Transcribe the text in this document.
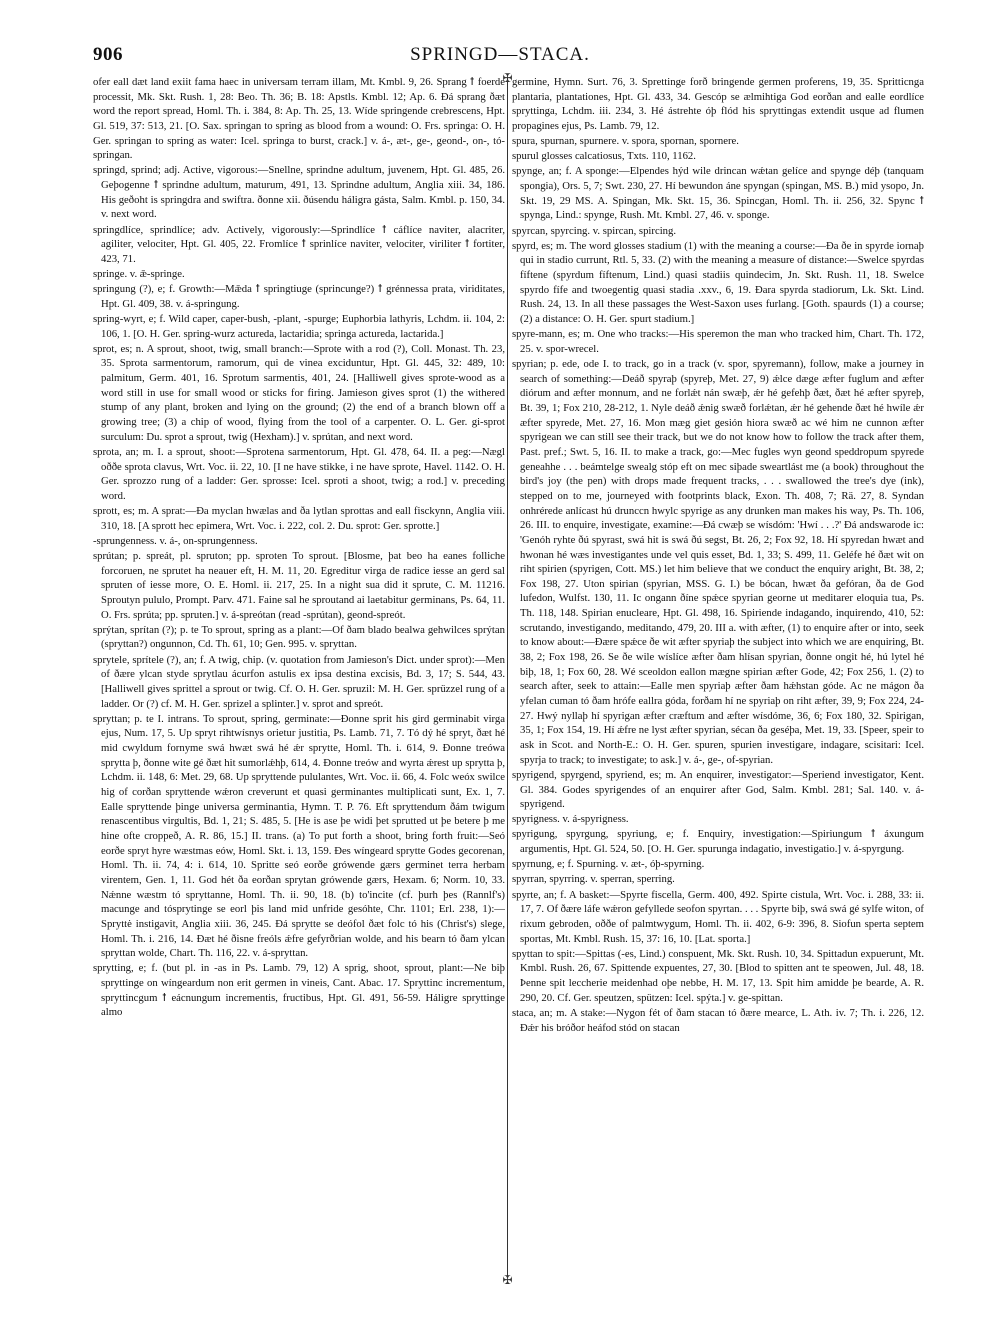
906	SPRINGD—STACA.
✠
✠
ofer eall dæt land exiit fama haec in universam terram illam, Mt. Kmbl. 9, 26. Sprang ꝉ foerde processit, Mk. Skt. Rush. 1, 28: Beo. Th. 36; B. 18: Apstls. Kmbl. 12; Ap. 6. Ðá sprang ðæt word the report spread, Homl. Th. i. 384, 8: Ap. Th. 25, 13. Wíde springende crebrescens, Hpt. Gl. 519, 37: 513, 21. [O. Sax. springan to spring as blood from a wound: O. Frs. springa: O. H. Ger. springan to spring as water: Icel. springa to burst, crack.] v. á-, æt-, ge-, geond-, on-, tó-springan.
springd, sprind; adj. Active, vigorous:—Snellne, sprindne adultum, juvenem, Hpt. Gl. 485, 26. Geþogenne ꝉ sprindne adultum, maturum, 491, 13. Sprindne adultum, Anglia xiii. 34, 186. His geðoht is springdra and swiftra. ðonne xii. ðúsendu háligra gásta, Salm. Kmbl. p. 150, 34. v. next word.
springdlíce, sprindlíce; adv. Actively, vigorously:—Sprindlíce ꝉ cáflíce naviter, alacriter, agiliter, velociter, Hpt. Gl. 405, 22. Fromlíce ꝉ sprinlíce naviter, velociter, viriliter ꝉ fortiter, 423, 71.
springe. v. ǣ-springe.
springung (?), e; f. Growth:—Mǣda ꝉ springtiuge (sprincunge?) ꝉ grénnessa prata, viriditates, Hpt. Gl. 409, 38. v. á-springung.
spring-wyrt, e; f. Wild caper, caper-bush, -plant, -spurge; Euphorbia lathyris, Lchdm. ii. 104, 2: 106, 1. [O. H. Ger. spring-wurz actureda, lactaridia; springa actureda, lactarida.]
sprot, es; n. A sprout, shoot, twig, small branch:—Sprote with a rod (?), Coll. Monast. Th. 23, 35. Sprota sarmentorum, ramorum, qui de vinea exciduntur, Hpt. Gl. 445, 32: 489, 10: palmitum, Germ. 401, 16. Sprotum sarmentis, 401, 24. [Halliwell gives sprote-wood as a word still in use for small wood or sticks for firing. Jamieson gives sprot (1) the withered stump of any plant, broken and lying on the ground; (2) the end of a branch blown off a growing tree; (3) a chip of wood, flying from the tool of a carpenter. O. L. Ger. gi-sprot surculum: Du. sprot a sprout, twig (Hexham).] v. sprútan, and next word.
sprota, an; m. I. a sprout, shoot:—Sprotena sarmentorum, Hpt. Gl. 478, 64. II. a peg:—Nægl oððe sprota clavus, Wrt. Voc. ii. 22, 10. [I ne have stikke, i ne have sprote, Havel. 1142. O. H. Ger. sprozzo rung of a ladder: Ger. sprosse: Icel. sproti a shoot, twig; a rod.] v. preceding word.
sprott, es; m. A sprat:—Ða myclan hwælas and ða lytlan sprottas and eall fisckynn, Anglia viii. 310, 18. [A sprott hec epimera, Wrt. Voc. i. 222, col. 2. Du. sprot: Ger. sprotte.]
-sprungenness. v. á-, on-sprungenness.
sprútan; p. spreát, pl. spruton; pp. sproten To sprout. [Blosme, þat beo ha eanes folliche forcoruen, ne sprutet ha neauer eft, H. M. 11, 20. Egreditur virga de radice iesse an gerd sal spruten of iesse more, O. E. Homl. ii. 217, 25. In a night sua did it sprute, C. M. 11216. Sproutyn pululo, Prompt. Parv. 471. Faine sal he sproutand ai laetabitur germinans, Ps. 64, 11. O. Frs. sprúta; pp. spruten.] v. á-spreótan (read -sprútan), geond-spreót.
sprýtan, sprítan (?); p. te To sprout, spring as a plant:—Of ðam blado bealwa gehwilces sprýtan (spryttan?) ongunnon, Cd. Th. 61, 10; Gen. 995. v. spryttan.
sprytele, sprítele (?), an; f. A twig, chip. (v. quotation from Jamieson's Dict. under sprot):—Men of ðære ylcan styde sprytlau ácurfon astulis ex ipsa destina excisis, Bd. 3, 17; S. 544, 43. [Halliwell gives sprittel a sprout or twig. Cf. O. H. Ger. spruzil: M. H. Ger. sprüzzel rung of a ladder. Or (?) cf. M. H. Ger. sprizel a splinter.] v. sprot and spreót.
spryttan; p. te I. intrans. To sprout, spring, germinate:—Ðonne sprit his gird germinabit virga ejus, Num. 17, 5. Up spryt rihtwísnys orietur justitia, Ps. Lamb. 71, 7. Tó dý hé spryt, ðæt hé mid cwyldum fornyme swá hwæt swá hé ǽr sprytte, Homl. Th. i. 614, 9. Ðonne treówa sprytta þ, ðonne wite gé ðæt hit sumorlǽhþ, 614, 4. Ðonne treów and wyrta ǽrest up sprytta þ, Lchdm. ii. 148, 6: Met. 29, 68. Up spryttende pululantes, Wrt. Voc. ii. 66, 4. Folc weóx swilce hig of corðan spryttende wǽron creverunt et quasi germinantes multiplicati sunt, Ex. 1, 7. Ealle spryttende þinge universa germinantia, Hymn. T. P. 76. Eft spryttendum ðám twigum renascentibus virgultis, Bd. 1, 21; S. 485, 5. [He is ase þe widi þet sprutted ut þe betere þ me hine ofte croppeð, A. R. 86, 15.] II. trans. (a) To put forth a shoot, bring forth fruit:—Seó eorðe spryt hyre wæstmas eów, Homl. Skt. i. 13, 159. Ðes wíngeard sprytte Godes gecorenan, Homl. Th. ii. 74, 4: i. 614, 10. Spritte seó eorðe grówende gærs germinet terra herbam virentem, Gen. 1, 11. God hét ða eorðan sprytan grówende gærs, Hexam. 6; Norm. 10, 33. Nǽnne wæstm tó spryttanne, Homl. Th. ii. 90, 18. (b) to'incite (cf. þurh þes (Rannlf's) macunge and tósprytinge se eorl þis land mid unfride gesóhte, Chr. 1101; Erl. 238, 1):—Spryttė instigavit, Anglia xiii. 36, 245. Ðá sprytte se deófol ðæt folc tó his (Christ's) slege, Homl. Th. i. 216, 14. Ðæt hé ðisne freóls ǽfre gefyrðrian wolde, and his bearn tó ðam ylcan spryttan wolde, Chart. Th. 116, 22. v. á-spryttan.
sprytting, e; f. (but pl. in -as in Ps. Lamb. 79, 12) A sprig, shoot, sprout, plant:—Ne biþ spryttinge on wíngeardum non erit germen in vineis, Cant. Abac. 17. Spryttinc incrementum, spryttincgum ꝉ eácnungum incrementis, fructibus, Hpt. Gl. 491, 56-59. Háligre spryttinge almo
germine, Hymn. Surt. 76, 3. Sprettinge forð bringende germen proferens, 19, 35. Spritticnga plantaria, plantationes, Hpt. Gl. 433, 34. Gescóp se ælmihtiga God eorðan and ealle eordlíce spryttinga, Lchdm. iii. 234, 3. Hé ástrehte óþ flód his spryttingas extendit usque ad flumen propagines ejus, Ps. Lamb. 79, 12.
spura, spurnan, spurnere. v. spora, spornan, spornere.
spurul glosses calcatiosus, Txts. 110, 1162.
spynge, an; f. A sponge:—Elpendes hýd wile drincan wǽtan gelíce and spynge déþ (tanquam spongia), Ors. 5, 7; Swt. 230, 27. Hí bewundon áne spyngan (spingan, MS. B.) mid ysopo, Jn. Skt. 19, 29 MS. A. Spingan, Mk. Skt. 15, 36. Spincgan, Homl. Th. ii. 256, 32. Spync ꝉ spynga, Lind.: spynge, Rush. Mt. Kmbl. 27, 46. v. sponge.
spyrcan, spyrcing. v. spircan, spircing.
spyrd, es; m. The word glosses stadium (1) with the meaning a course:—Ða ðe in spyrde iornaþ qui in stadio currunt, Rtl. 5, 33. (2) with the meaning a measure of distance:—Swelce spyrdas fíftene (spyrdum fíftenum, Lind.) quasi stadiis quindecim, Jn. Skt. Rush. 11, 18. Swelce spyrdo fífe and twoegentig quasi stadia .xxv., 6, 19. Ðara spyrda stadiorum, Lk. Skt. Lind. Rush. 24, 13. In all these passages the West-Saxon uses furlang. [Goth. spaurds (1) a course; (2) a distance: O. H. Ger. spurt stadium.]
spyre-mann, es; m. One who tracks:—His speremon the man who tracked him, Chart. Th. 172, 25. v. spor-wrecel.
spyrian; p. ede, ode I. to track, go in a track (v. spor, spyremann), follow, make a journey in search of something:—Deáð spyraþ (spyreþ, Met. 27, 9) ǽlce dæge æfter fuglum and æfter diórum and æfter monnum, and ne forlǽt nán swæþ, ǽr hé gefehþ ðæt, ðæt hé æfter spyreþ, Bt. 39, 1; Fox 210, 28-212, 1. Nyle deáð ǽnig swæð forlǽtan, ǽr hé gehende ðæt hé hwíle ǽr æfter spyrede, Met. 27, 16. Mon mæg giet gesión hiora swæð ac wé him ne cunnon æfter spyrigean we can still see their track, but we do not know how to follow the track after them, Past. pref.; Swt. 5, 16. II. to make a track, go:—Mec fugles wyn geond speddropum spyrede geneahhe . . . beámtelge swealg stóp eft on mec siþade sweartlást me (a book) throughout the bird's joy (the pen) with drops made frequent tracks, . . . swallowed the tree's dye (ink), stepped on to me, journeyed with footprints black, Exon. Th. 408, 7; Rä. 27, 8. Syndan onhrérede anlícast hú drunccn hwylc spyrige as any drunken man makes his way, Ps. Th. 106, 26. III. to enquire, investigate, examine:—Ðá cwæþ se wísdóm: 'Hwí . . .?' Ðá andswarode ic: 'Genóh ryhte ðú spyrast, swá hit is swá ðú segst, Bt. 26, 2; Fox 92, 18. Hí spyredan hwæt and hwonan hé wæs investigantes unde vel quis esset, Bd. 1, 33; S. 499, 11. Geléfe hé ðæt wit on riht spirien (spyrigen, Cott. MS.) let him believe that we conduct the enquiry aright, Bt. 38, 2; Fox 198, 27. Uton spirian (spyrian, MSS. G. I.) be bócan, hwæt ða gefóran, ða de God lufedon, Wulfst. 130, 11. Ic ongann ðíne spǽce spyrian georne ut meditarer eloquia tua, Ps. Th. 118, 148. Spirian enucleare, Hpt. Gl. 498, 16. Spiriende indagando, inquirendo, 410, 52: scrutando, investigando, meditando, 479, 20. III a. with æfter, (1) to enquire after or into, seek to know about:—Ðære spǽce ðe wit æfter spyriaþ the subject into which we are enquiring, Bt. 38, 2; Fox 198, 26. Se ðe wile wíslíce æfter ðam hlísan spyrian, ðonne ongit hé, hú lytel hé biþ, 18, 1; Fox 60, 28. Wé sceoldon eallon mægne spirian æfter Gode, 42; Fox 256, 1. (2) to search after, seek to attain:—Ealle men spyriaþ æfter ðam hǽhstan góde. Ac ne mágon ða yfelan cuman tó ðam hrófe eallra góda, forðam hí ne spyriaþ on riht æfter, 39, 9; Fox 224, 24-27. Hwý nyllaþ hí spyrigan æfter cræftum and æfter wísdóme, 36, 6; Fox 180, 32. Spirigan, 35, 1; Fox 154, 19. Hí ǽfre ne lyst æfter spyrian, sécan ða geséþa, Met. 19, 33. [Speer, speir to ask in Scot. and North-E.: O. H. Ger. spuren, spurien investigare, indagare, scisitari: Icel. spyrja to track; to investigate; to ask.] v. á-, ge-, of-spyrian.
spyrigend, spyrgend, spyriend, es; m. An enquirer, investigator:—Speriend investigator, Kent. Gl. 384. Godes spyrigendes of an enquirer after God, Salm. Kmbl. 281; Sal. 140. v. á-spyrigend.
spyrigness. v. á-spyrigness.
spyrigung, spyrgung, spyriung, e; f. Enquiry, investigation:—Spiriungum ꝉ áxungum argumentis, Hpt. Gl. 524, 50. [O. H. Ger. spurunga indagatio, investigatio.] v. á-spyrgung.
spyrnung, e; f. Spurning. v. æt-, óþ-spyrning.
spyrran, spyrring. v. sperran, sperring.
spyrte, an; f. A basket:—Spyrte fiscella, Germ. 400, 492. Spirte cistula, Wrt. Voc. i. 288, 33: ii. 17, 7. Of ðære láfe wǽron gefyllede seofon spyrtan. . . . Spyrte biþ, swá swá gé sylfe witon, of rixum gebroden, oððe of palmtwygum, Homl. Th. ii. 402, 6-9: 396, 8. Siofun sperta septem sportas, Mt. Kmbl. Rush. 15, 37: 16, 10. [Lat. sporta.]
spyttan to spit:—Spittas (-es, Lind.) conspuent, Mk. Skt. Rush. 10, 34. Spittadun expuerunt, Mt. Kmbl. Rush. 26, 67. Spittende expuentes, 27, 30. [Blod to spitten ant te speowen, Jul. 48, 18. Þenne spit leccherie meidenhad oþe nebbe, H. M. 17, 13. Spit him amidde þe bearde, A. R. 290, 20. Cf. Ger. speutzen, spützen: Icel. spýta.] v. ge-spittan.
staca, an; m. A stake:—Nygon fét of ðam stacan tó ðære mearce, L. Ath. iv. 7; Th. i. 226, 12. Ðǽr his bróðor heáfod stód on stacan
